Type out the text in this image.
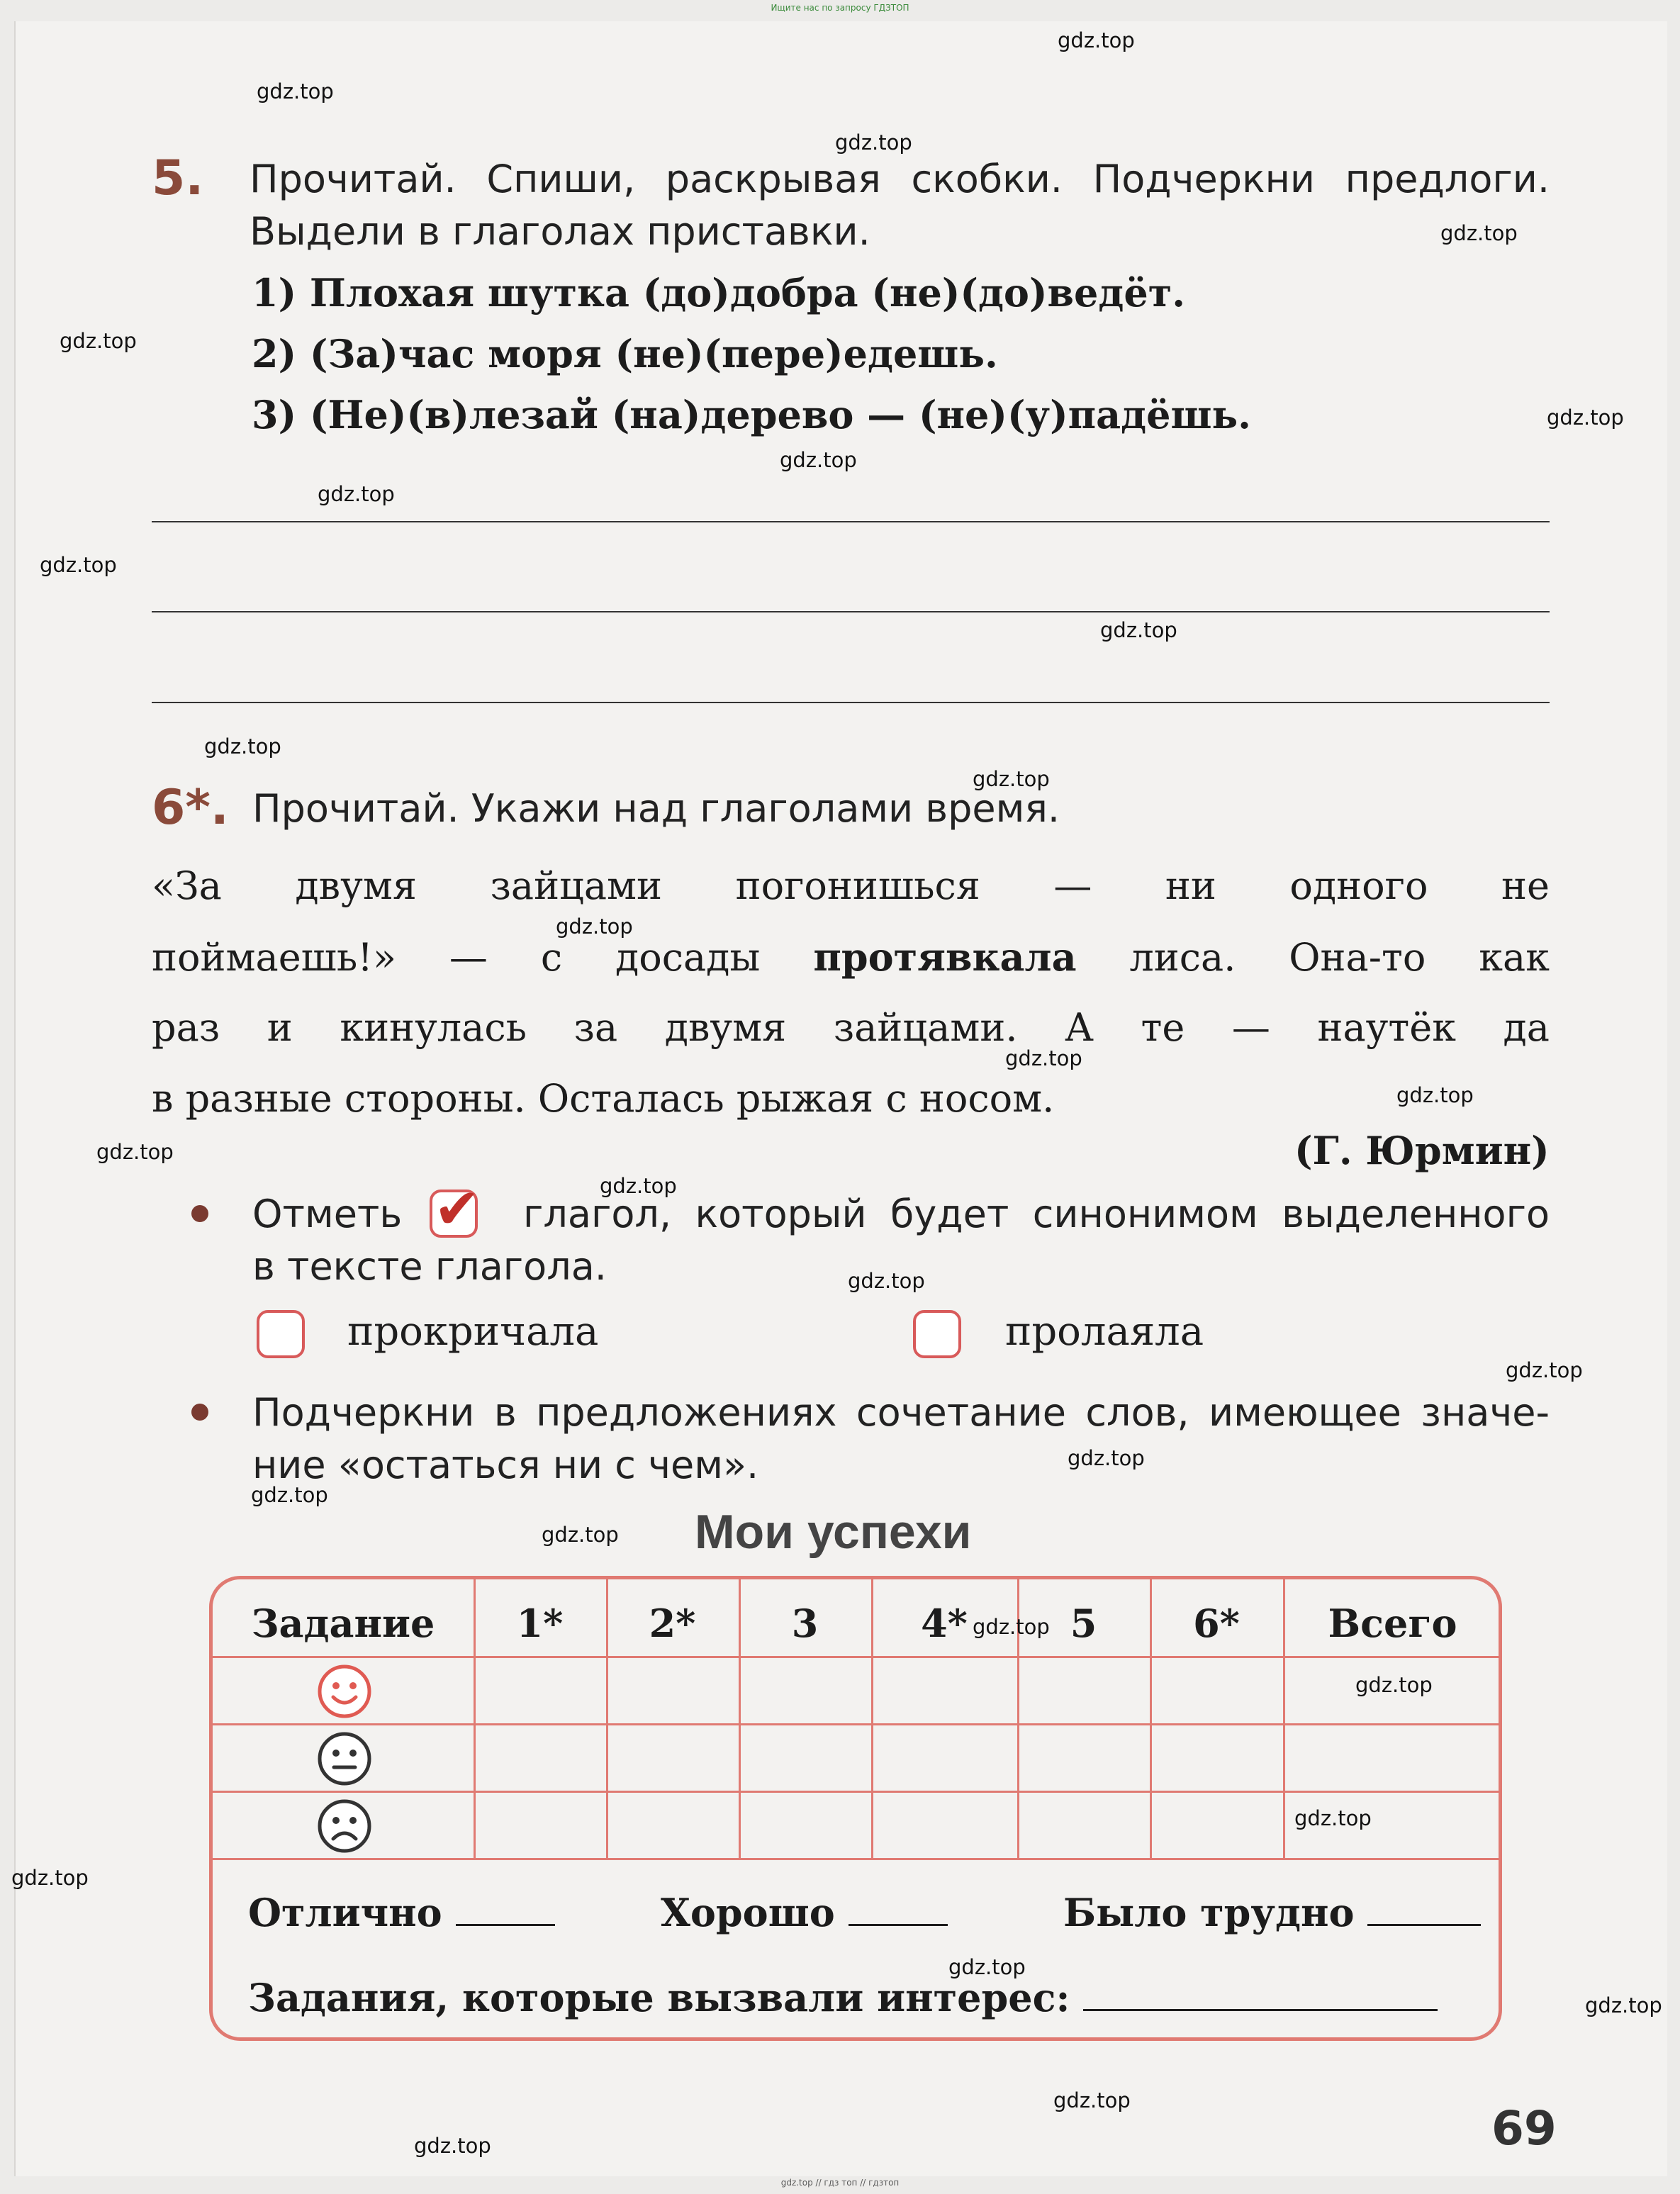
Ищите нас по запросу ГДЗТОП
5. Прочитай. Спиши, раскрывая скобки. Подчеркни предлоги.
Выдели в глаголах приставки.
1) Плохая шутка (до)добра (не)(до)ведёт.
2) (За)час моря (не)(пере)едешь.
3) (Не)(в)лезай (на)дерево — (не)(у)падёшь.
6*. Прочитай. Укажи над глаголами время.
«За двумя зайцами погонишься — ни одного не
поймаешь!» — с досады протявкала лиса. Она-то как
раз и кинулась за двумя зайцами. А те — наутёк да
в разные стороны. Осталась рыжая с носом.
(Г. Юрмин)
Отметь ✔ глагол, который будет синонимом выделенного
в тексте глагола.
прокричала	пролаяла
Подчеркни в предложениях сочетание слов, имеющее значе-
ние «остаться ни с чем».
Мои успехи
Задание	1*	2*	3	4*	5	6*	Всего
Отлично	Хорошо	Было трудно
Задания, которые вызвали интерес:
69
gdz.top
gdz.top
gdz.top
gdz.top
gdz.top
gdz.top
gdz.top
gdz.top
gdz.top
gdz.top
gdz.top
gdz.top
gdz.top
gdz.top
gdz.top
gdz.top
gdz.top
gdz.top
gdz.top
gdz.top
gdz.top
gdz.top
gdz.top
gdz.top
gdz.top
gdz.top
gdz.top
gdz.top
gdz.top
gdz.top
gdz.top // гдз топ // гдзтоп
